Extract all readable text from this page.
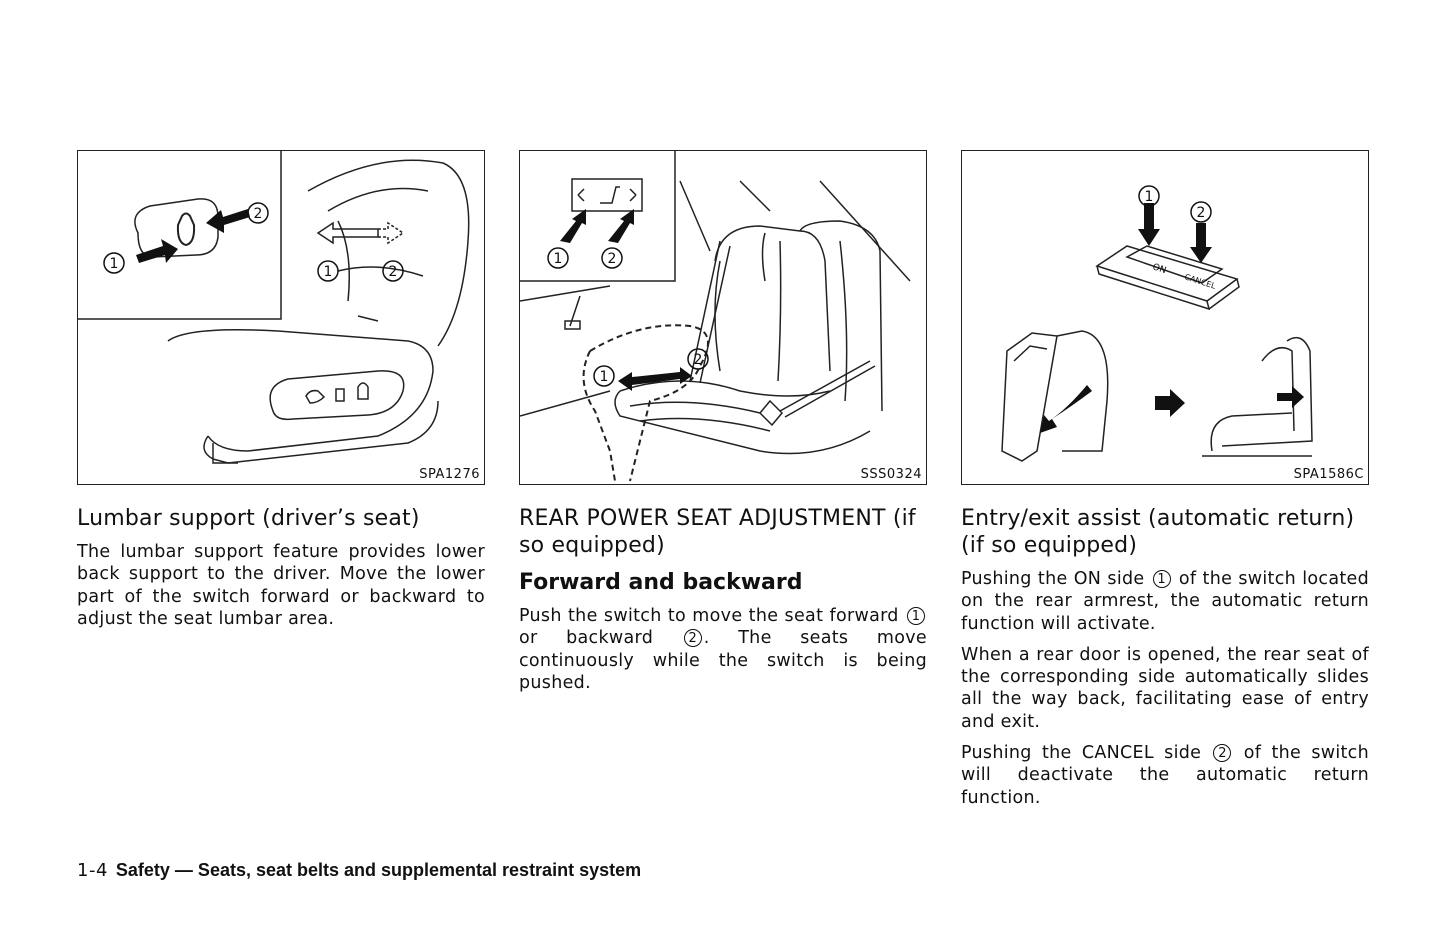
1
2
1	2
SPA1276
Lumbar support (driver’s seat)

The lumbar support feature provides lower back support to the driver. Move the lower part of the switch forward or backward to adjust the seat lumbar area.

1	2
1
2
SSS0324
REAR POWER SEAT ADJUSTMENT (if so equipped)
Forward and backward

Push the switch to move the seat forward 1 or backward	2 . The seats move continuously while the switch is being pushed.

ON
CANCEL
1
2
SPA1586C
Entry/exit assist (automatic return) (if so equipped)

Pushing the ON side 1 of the switch located on the rear armrest, the automatic return function will activate.

When a rear door is opened, the rear seat of the corresponding side automatically slides all the way back, facilitating ease of entry and exit.

Pushing the CANCEL side 2 of the switch will deactivate the automatic return function.

1-4 Safety — Seats, seat belts and supplemental restraint system
